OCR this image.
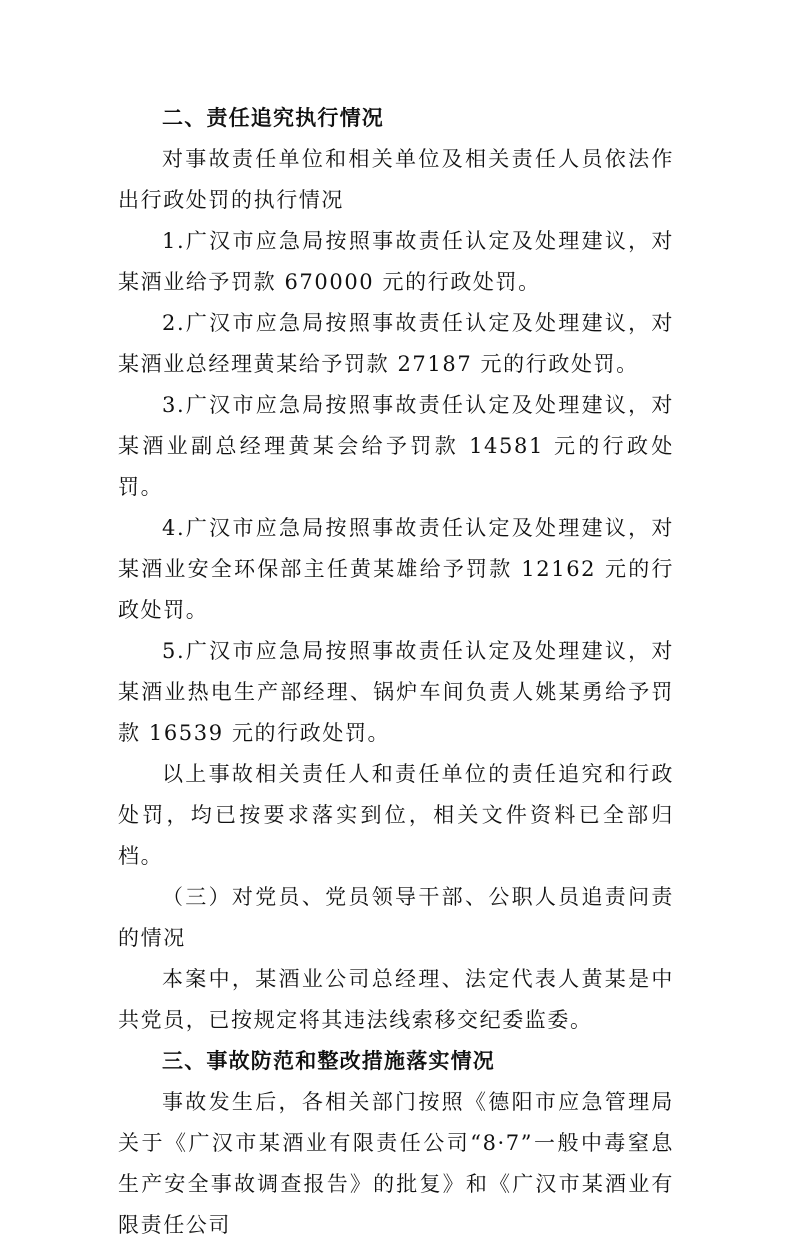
二、责任追究执行情况

对事故责任单位和相关单位及相关责任人员依法作出行政处罚的执行情况

1.广汉市应急局按照事故责任认定及处理建议，对某酒业给予罚款 670000 元的行政处罚。

2.广汉市应急局按照事故责任认定及处理建议，对某酒业总经理黄某给予罚款 27187 元的行政处罚。

3.广汉市应急局按照事故责任认定及处理建议，对某酒业副总经理黄某会给予罚款 14581 元的行政处罚。

4.广汉市应急局按照事故责任认定及处理建议，对某酒业安全环保部主任黄某雄给予罚款 12162 元的行政处罚。

5.广汉市应急局按照事故责任认定及处理建议，对某酒业热电生产部经理、锅炉车间负责人姚某勇给予罚款 16539 元的行政处罚。

以上事故相关责任人和责任单位的责任追究和行政处罚，均已按要求落实到位，相关文件资料已全部归档。

（三）对党员、党员领导干部、公职人员追责问责的情况

本案中，某酒业公司总经理、法定代表人黄某是中共党员，已按规定将其违法线索移交纪委监委。

三、事故防范和整改措施落实情况

事故发生后，各相关部门按照《德阳市应急管理局关于《广汉市某酒业有限责任公司“8·7”一般中毒窒息生产安全事故调查报告》的批复》和《广汉市某酒业有限责任公司
